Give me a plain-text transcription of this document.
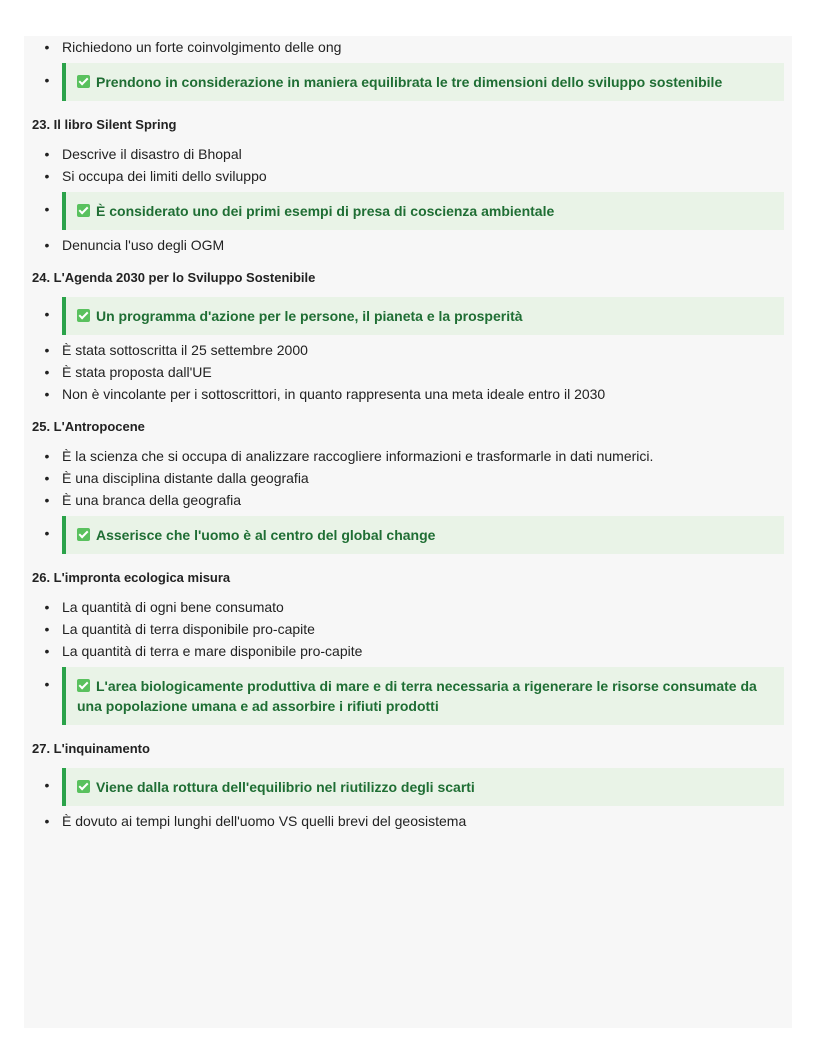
• Richiedono un forte coinvolgimento delle ong
•	Prendono in considerazione in maniera equilibrata le tre dimensioni dello sviluppo sostenibile
23. Il libro Silent Spring
• Descrive il disastro di Bhopal
• Si occupa dei limiti dello sviluppo
•	È considerato uno dei primi esempi di presa di coscienza ambientale
• Denuncia l'uso degli OGM
24. L'Agenda 2030 per lo Sviluppo Sostenibile
•	Un programma d'azione per le persone, il pianeta e la prosperità
• È stata sottoscritta il 25 settembre 2000
• È stata proposta dall'UE
• Non è vincolante per i sottoscrittori, in quanto rappresenta una meta ideale entro il 2030
25. L'Antropocene
• È la scienza che si occupa di analizzare raccogliere informazioni e trasformarle in dati numerici.
• È una disciplina distante dalla geografia
• È una branca della geografia
•	Asserisce che l'uomo è al centro del global change
26. L'impronta ecologica misura
• La quantità di ogni bene consumato
• La quantità di terra disponibile pro-capite
• La quantità di terra e mare disponibile pro-capite
•	L'area biologicamente produttiva di mare e di terra necessaria a rigenerare le risorse consumate da una popolazione umana e ad assorbire i rifiuti prodotti
27. L'inquinamento
•	Viene dalla rottura dell'equilibrio nel riutilizzo degli scarti
• È dovuto ai tempi lunghi dell'uomo VS quelli brevi del geosistema
